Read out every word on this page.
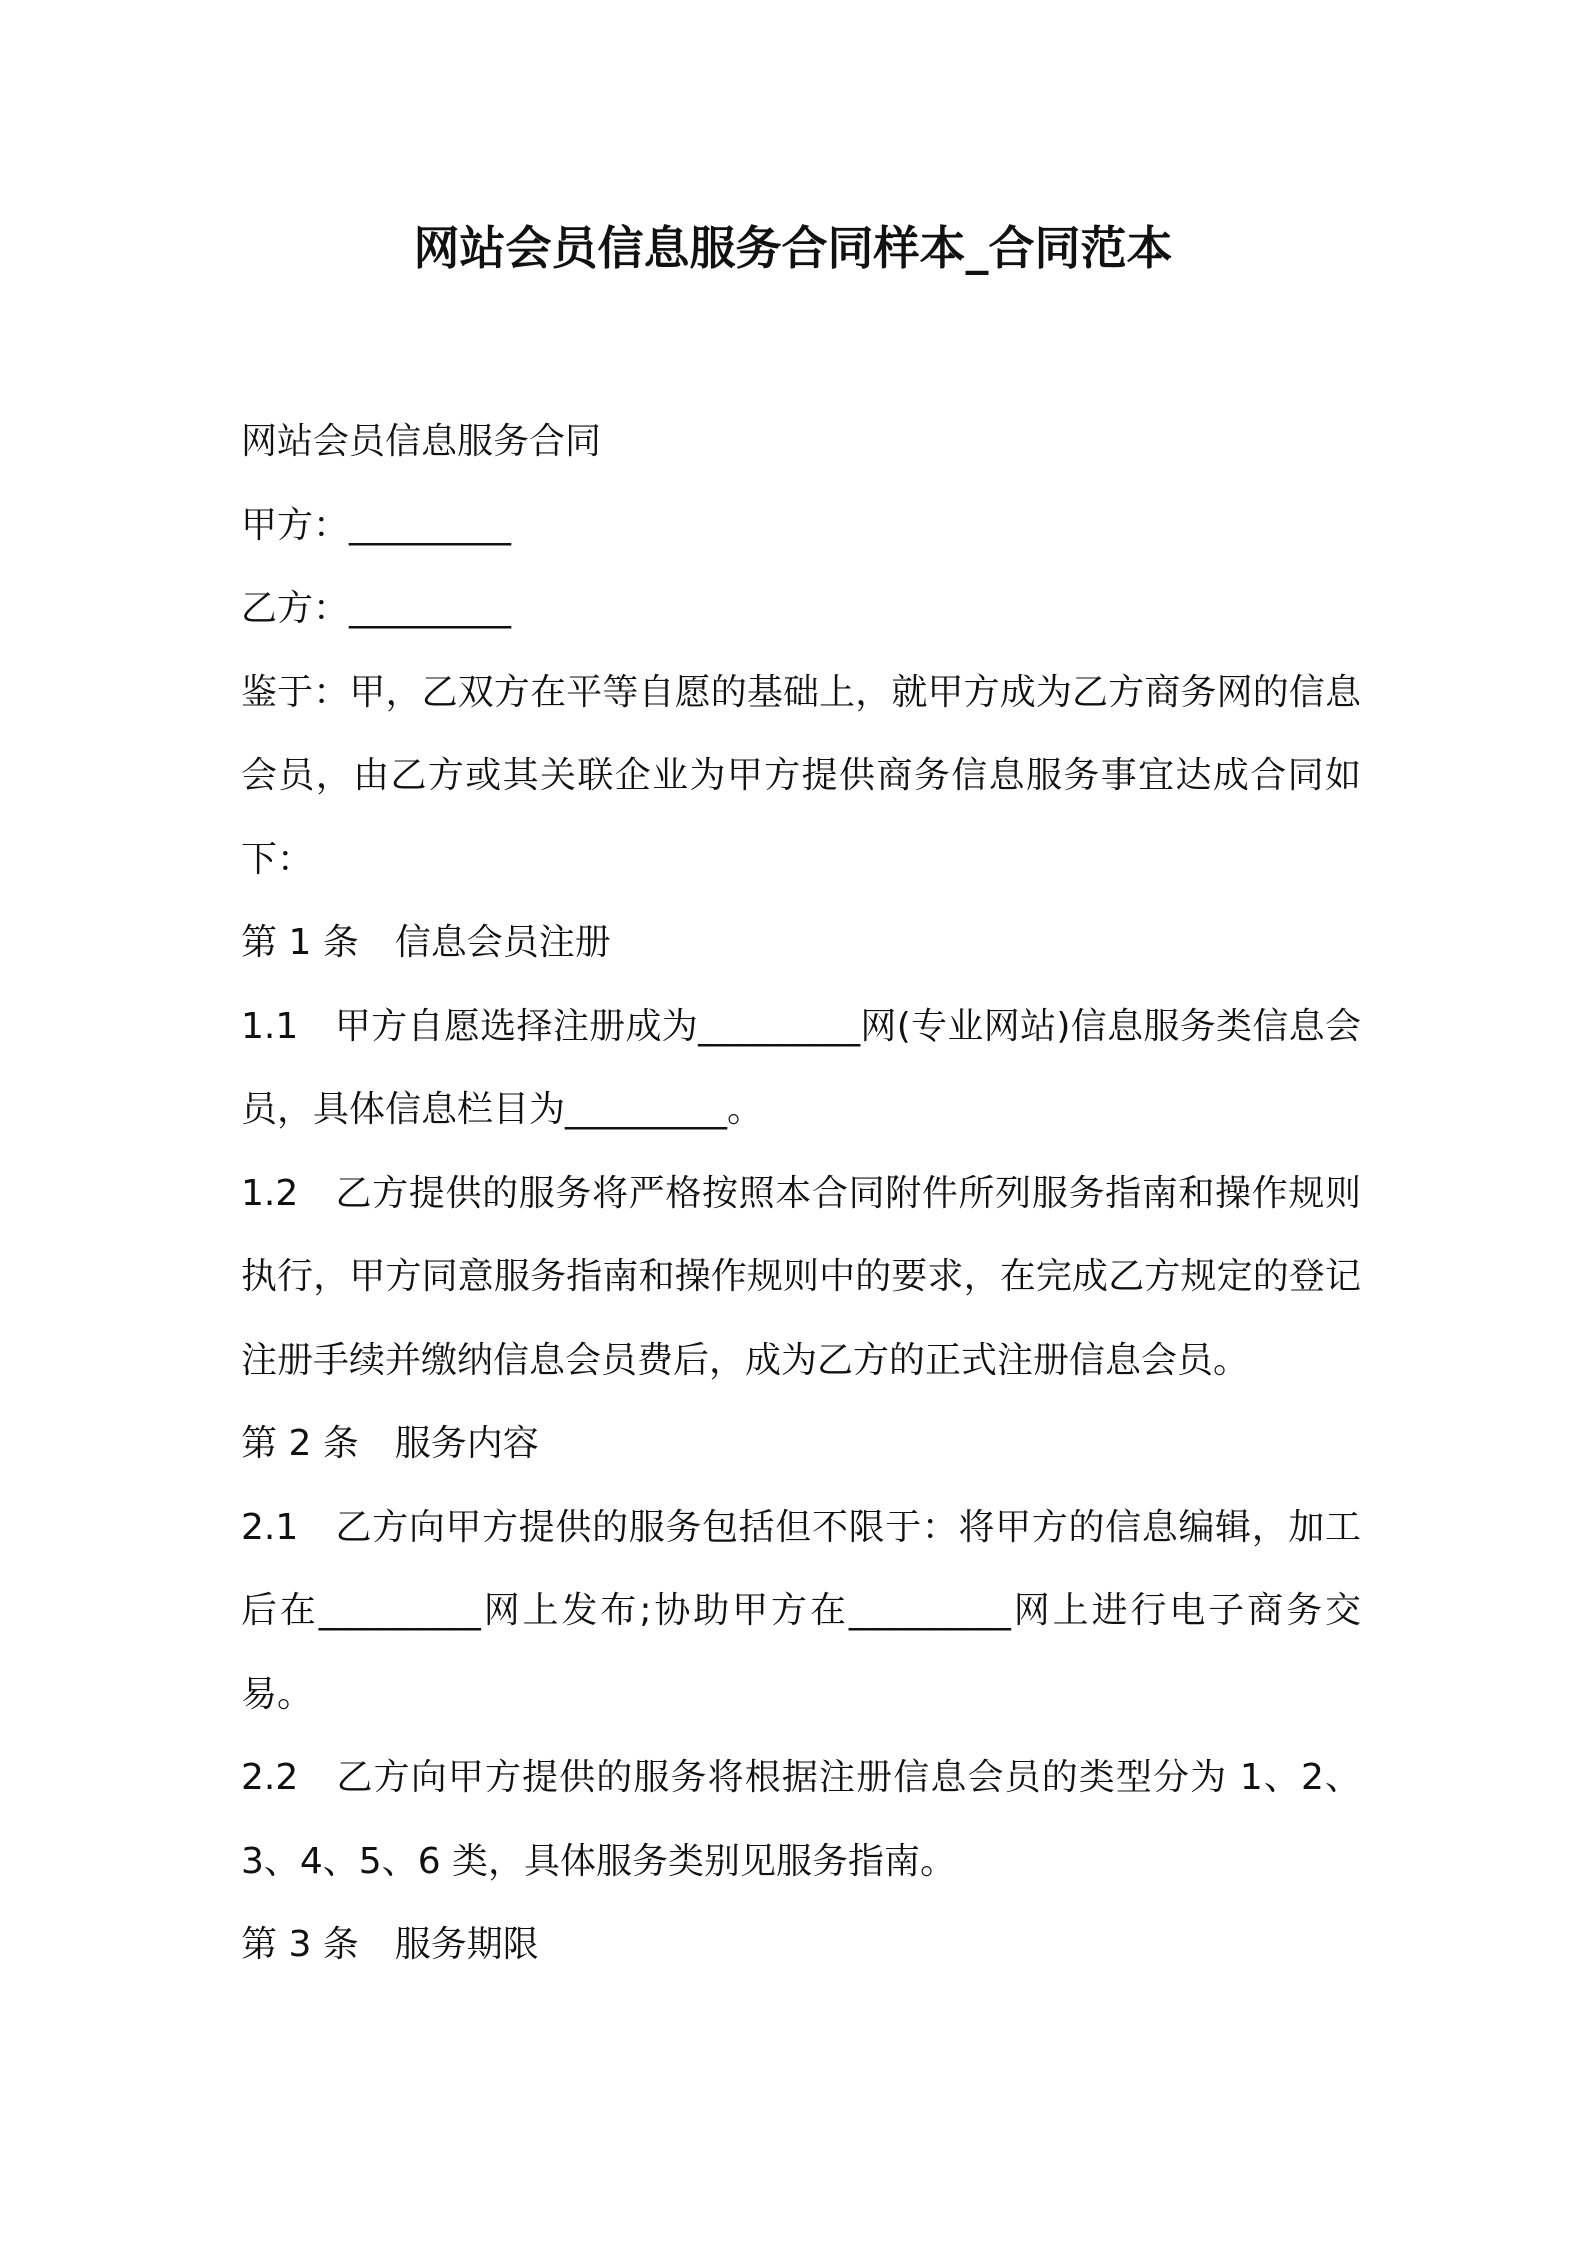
网站会员信息服务合同样本_合同范本

网站会员信息服务合同

甲方：_________

乙方：_________

鉴于：甲，乙双方在平等自愿的基础上，就甲方成为乙方商务网的信息会员，由乙方或其关联企业为甲方提供商务信息服务事宜达成合同如下：

第 1 条　信息会员注册

1.1　甲方自愿选择注册成为_________网(专业网站)信息服务类信息会员，具体信息栏目为_________。

1.2　乙方提供的服务将严格按照本合同附件所列服务指南和操作规则执行，甲方同意服务指南和操作规则中的要求，在完成乙方规定的登记注册手续并缴纳信息会员费后，成为乙方的正式注册信息会员。

第 2 条　服务内容

2.1　乙方向甲方提供的服务包括但不限于：将甲方的信息编辑，加工后在_________网上发布;协助甲方在_________网上进行电子商务交易。

2.2　乙方向甲方提供的服务将根据注册信息会员的类型分为 1、2、3、4、5、6 类，具体服务类别见服务指南。

第 3 条　服务期限
